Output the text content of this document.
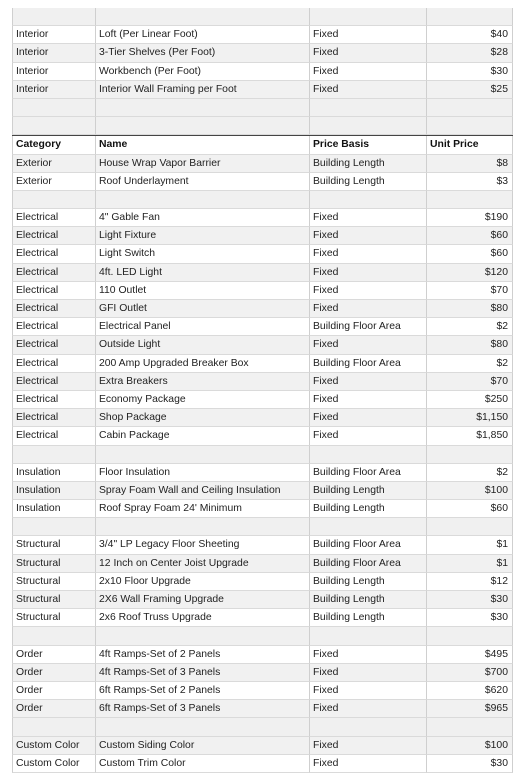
Interior	Loft (Per Linear Foot)	Fixed	$40
Interior	3-Tier Shelves (Per Foot)	Fixed	$28
Interior	Workbench (Per Foot)	Fixed	$30
Interior	Interior Wall Framing per Foot	Fixed	$25
Category	Name	Price Basis	Unit Price
Exterior	House Wrap Vapor Barrier	Building Length	$8
Exterior	Roof Underlayment	Building Length	$3
Electrical	4" Gable Fan	Fixed	$190
Electrical	Light Fixture	Fixed	$60
Electrical	Light Switch	Fixed	$60
Electrical	4ft. LED Light	Fixed	$120
Electrical	110 Outlet	Fixed	$70
Electrical	GFI Outlet	Fixed	$80
Electrical	Electrical Panel	Building Floor Area	$2
Electrical	Outside Light	Fixed	$80
Electrical	200 Amp Upgraded Breaker Box	Building Floor Area	$2
Electrical	Extra Breakers	Fixed	$70
Electrical	Economy Package	Fixed	$250
Electrical	Shop Package	Fixed	$1,150
Electrical	Cabin Package	Fixed	$1,850
Insulation	Floor Insulation	Building Floor Area	$2
Insulation	Spray Foam Wall and Ceiling Insulation	Building Length	$100
Insulation	Roof Spray Foam 24' Minimum	Building Length	$60
Structural	3/4" LP Legacy Floor Sheeting	Building Floor Area	$1
Structural	12 Inch on Center Joist Upgrade	Building Floor Area	$1
Structural	2x10 Floor Upgrade	Building Length	$12
Structural	2X6 Wall Framing Upgrade	Building Length	$30
Structural	2x6 Roof Truss Upgrade	Building Length	$30
Order	4ft Ramps-Set of 2 Panels	Fixed	$495
Order	4ft Ramps-Set of 3 Panels	Fixed	$700
Order	6ft Ramps-Set of 2 Panels	Fixed	$620
Order	6ft Ramps-Set of 3 Panels	Fixed	$965
Custom Color	Custom Siding Color	Fixed	$100
Custom Color	Custom Trim Color	Fixed	$30
